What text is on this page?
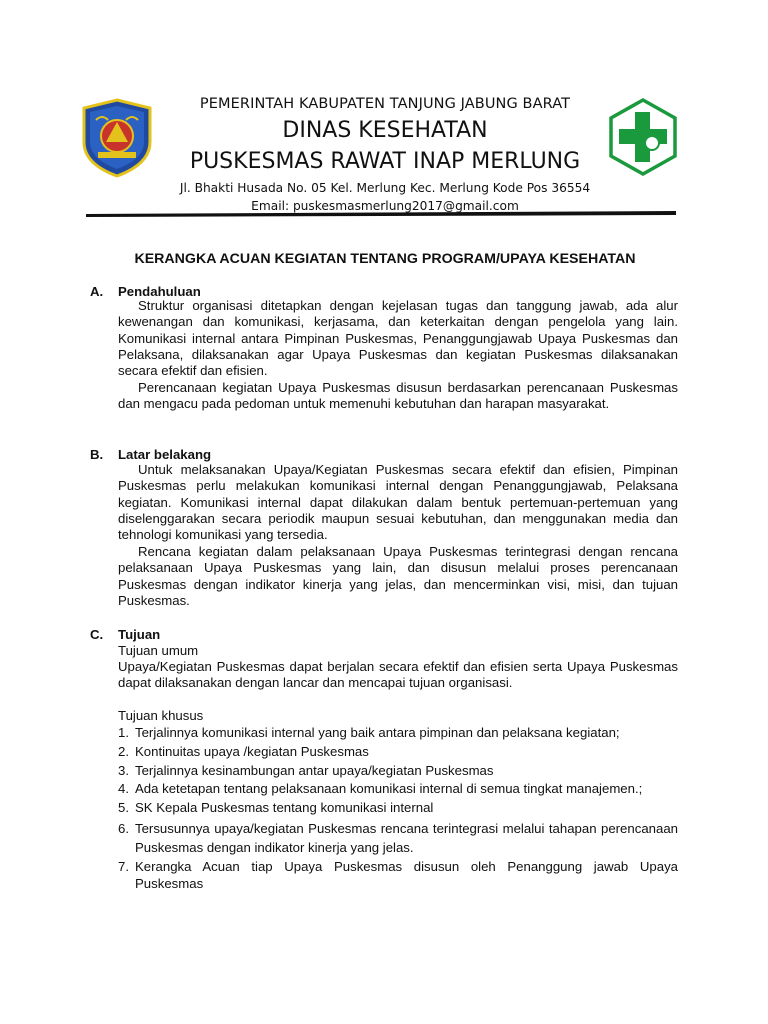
PEMERINTAH KABUPATEN TANJUNG JABUNG BARAT
DINAS KESEHATAN
PUSKESMAS RAWAT INAP MERLUNG
Jl. Bhakti Husada No. 05 Kel. Merlung Kec. Merlung Kode Pos 36554
Email: puskesmasmerlung2017@gmail.com
KERANGKA ACUAN KEGIATAN TENTANG PROGRAM/UPAYA KESEHATAN
A. Pendahuluan

Struktur organisasi ditetapkan dengan kejelasan tugas dan tanggung jawab, ada alur kewenangan dan komunikasi, kerjasama, dan keterkaitan dengan pengelola yang lain. Komunikasi internal antara Pimpinan Puskesmas, Penanggungjawab Upaya Puskesmas dan Pelaksana, dilaksanakan agar Upaya Puskesmas dan kegiatan Puskesmas dilaksanakan secara efektif dan efisien.

Perencanaan kegiatan Upaya Puskesmas disusun berdasarkan perencanaan Puskesmas dan mengacu pada pedoman untuk memenuhi kebutuhan dan harapan masyarakat.

B. Latar belakang

Untuk melaksanakan Upaya/Kegiatan Puskesmas secara efektif dan efisien, Pimpinan Puskesmas perlu melakukan komunikasi internal dengan Penanggungjawab, Pelaksana kegiatan. Komunikasi internal dapat dilakukan dalam bentuk pertemuan-pertemuan yang diselenggarakan secara periodik maupun sesuai kebutuhan, dan menggunakan media dan tehnologi komunikasi yang tersedia.

Rencana kegiatan dalam pelaksanaan Upaya Puskesmas terintegrasi dengan rencana pelaksanaan Upaya Puskesmas yang lain, dan disusun melalui proses perencanaan Puskesmas dengan indikator kinerja yang jelas, dan mencerminkan visi, misi, dan tujuan Puskesmas.

C. Tujuan
Tujuan umum

Upaya/Kegiatan Puskesmas dapat berjalan secara efektif dan efisien serta Upaya Puskesmas dapat dilaksanakan dengan lancar dan mencapai tujuan organisasi.

Tujuan khusus
1. Terjalinnya komunikasi internal yang baik antara pimpinan dan pelaksana kegiatan;
2. Kontinuitas upaya /kegiatan Puskesmas
3. Terjalinnya kesinambungan antar upaya/kegiatan Puskesmas
4. Ada ketetapan tentang pelaksanaan komunikasi internal di semua tingkat manajemen.;
5. SK Kepala Puskesmas tentang komunikasi internal
6. Tersusunnya upaya/kegiatan Puskesmas rencana terintegrasi melalui tahapan perencanaan Puskesmas dengan indikator kinerja yang jelas.
7. Kerangka Acuan tiap Upaya Puskesmas disusun oleh Penanggung jawab Upaya Puskesmas
